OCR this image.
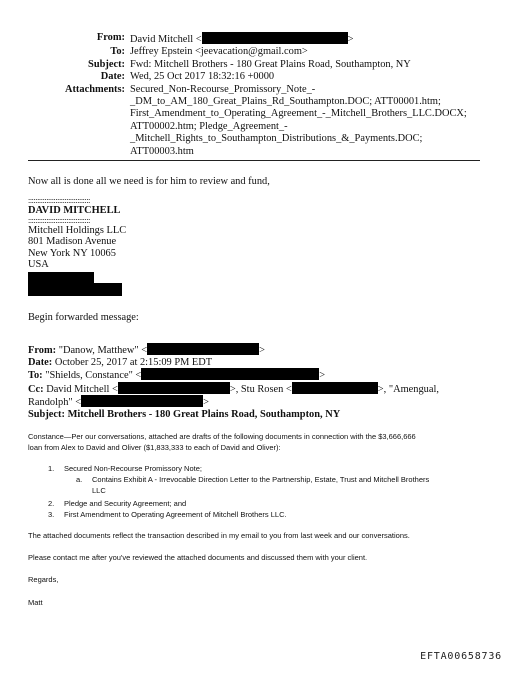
From: David Mitchell <	>
To: Jeffrey Epstein <jeevacation@gmail.com>
Subject: Fwd: Mitchell Brothers - 180 Great Plains Road, Southampton, NY
Date: Wed, 25 Oct 2017 18:32:16 +0000
Attachments: Secured_Non-Recourse_Promissory_Note_-
_DM_to_AM_180_Great_Plains_Rd_Southampton.DOC; ATT00001.htm;
First_Amendment_to_Operating_Agreement_-_Mitchell_Brothers_LLC.DOCX;
ATT00002.htm; Pledge_Agreement_-
_Mitchell_Rights_to_Southampton_Distributions_&_Payments.DOC; ATT00003.htm
Now all is done all we need is for him to review and fund,
::::::::::::::::::::::::::::::::::
DAVID MITCHELL
::::::::::::::::::::::::::::::::::
Mitchell Holdings LLC
801 Madison Avenue
New York NY 10065
USA
Begin forwarded message:
From: "Danow, Matthew" <	>
Date: October 25, 2017 at 2:15:09 PM EDT
To: "Shields, Constance" <	>
Cc: David Mitchell <	>, Stu Rosen <	>, "Amengual,
Randolph" <	>
Subject: Mitchell Brothers - 180 Great Plains Road, Southampton, NY
Constance—Per our conversations, attached are drafts of the following documents in connection with the $3,666,666
loan from Alex to David and Oliver ($1,833,333 to each of David and Oliver):
1. Secured Non-Recourse Promissory Note;
a. Contains Exhibit A - Irrevocable Direction Letter to the Partnership, Estate, Trust and Mitchell Brothers
LLC
2. Pledge and Security Agreement; and
3. First Amendment to Operating Agreement of Mitchell Brothers LLC.
The attached documents reflect the transaction described in my email to you from last week and our conversations.
Please contact me after you've reviewed the attached documents and discussed them with your client.
Regards,
Matt
EFTA00658736
